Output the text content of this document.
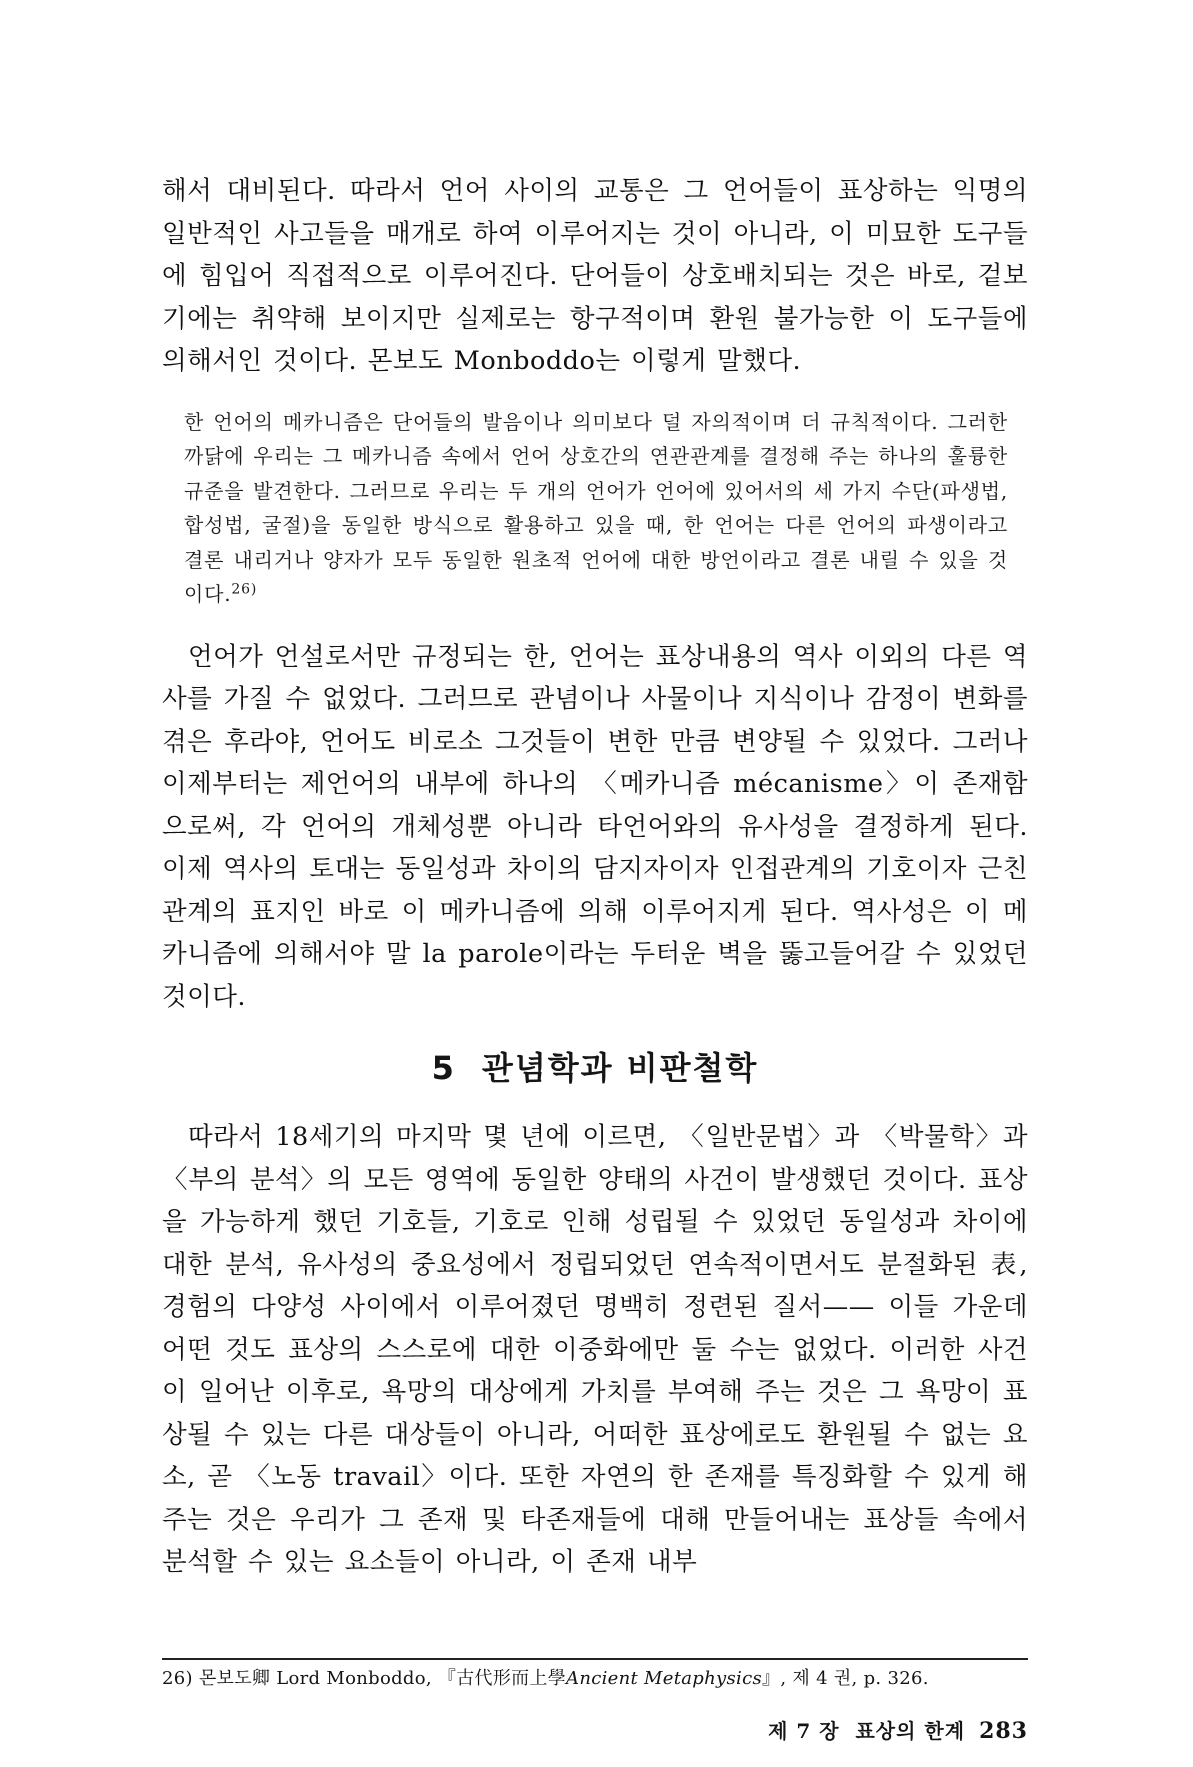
해서 대비된다. 따라서 언어 사이의 교통은 그 언어들이 표상하는 익명의 일반적인 사고들을 매개로 하여 이루어지는 것이 아니라, 이 미묘한 도구들에 힘입어 직접적으로 이루어진다. 단어들이 상호배치되는 것은 바로, 겉보기에는 취약해 보이지만 실제로는 항구적이며 환원 불가능한 이 도구들에 의해서인 것이다. 몬보도 Monboddo는 이렇게 말했다.

한 언어의 메카니즘은 단어들의 발음이나 의미보다 덜 자의적이며 더 규칙적이다. 그러한 까닭에 우리는 그 메카니즘 속에서 언어 상호간의 연관관계를 결정해 주는 하나의 훌륭한 규준을 발견한다. 그러므로 우리는 두 개의 언어가 언어에 있어서의 세 가지 수단(파생법, 합성법, 굴절)을 동일한 방식으로 활용하고 있을 때, 한 언어는 다른 언어의 파생이라고 결론 내리거나 양자가 모두 동일한 원초적 언어에 대한 방언이라고 결론 내릴 수 있을 것이다.$^{26)}$

언어가 언설로서만 규정되는 한, 언어는 표상내용의 역사 이외의 다른 역사를 가질 수 없었다. 그러므로 관념이나 사물이나 지식이나 감정이 변화를 겪은 후라야, 언어도 비로소 그것들이 변한 만큼 변양될 수 있었다. 그러나 이제부터는 제언어의 내부에 하나의 〈메카니즘 mécanisme〉이 존재함으로써, 각 언어의 개체성뿐 아니라 타언어와의 유사성을 결정하게 된다. 이제 역사의 토대는 동일성과 차이의 담지자이자 인접관계의 기호이자 근친관계의 표지인 바로 이 메카니즘에 의해 이루어지게 된다. 역사성은 이 메카니즘에 의해서야 말 la parole이라는 두터운 벽을 뚫고들어갈 수 있었던 것이다.

5 관념학과 비판철학

따라서 18세기의 마지막 몇 년에 이르면, 〈일반문법〉과 〈박물학〉과 〈부의 분석〉의 모든 영역에 동일한 양태의 사건이 발생했던 것이다. 표상을 가능하게 했던 기호들, 기호로 인해 성립될 수 있었던 동일성과 차이에 대한 분석, 유사성의 중요성에서 정립되었던 연속적이면서도 분절화된 表, 경험의 다양성 사이에서 이루어졌던 명백히 정련된 질서—— 이들 가운데 어떤 것도 표상의 스스로에 대한 이중화에만 둘 수는 없었다. 이러한 사건이 일어난 이후로, 욕망의 대상에게 가치를 부여해 주는 것은 그 욕망이 표상될 수 있는 다른 대상들이 아니라, 어떠한 표상에로도 환원될 수 없는 요소, 곧 〈노동 travail〉이다. 또한 자연의 한 존재를 특징화할 수 있게 해주는 것은 우리가 그 존재 및 타존재들에 대해 만들어내는 표상들 속에서 분석할 수 있는 요소들이 아니라, 이 존재 내부

26) 몬보도卿 Lord Monboddo, 『古代形而上學Ancient Metaphysics』, 제 4 권, p. 326.
제 7 장 표상의 한계 283
